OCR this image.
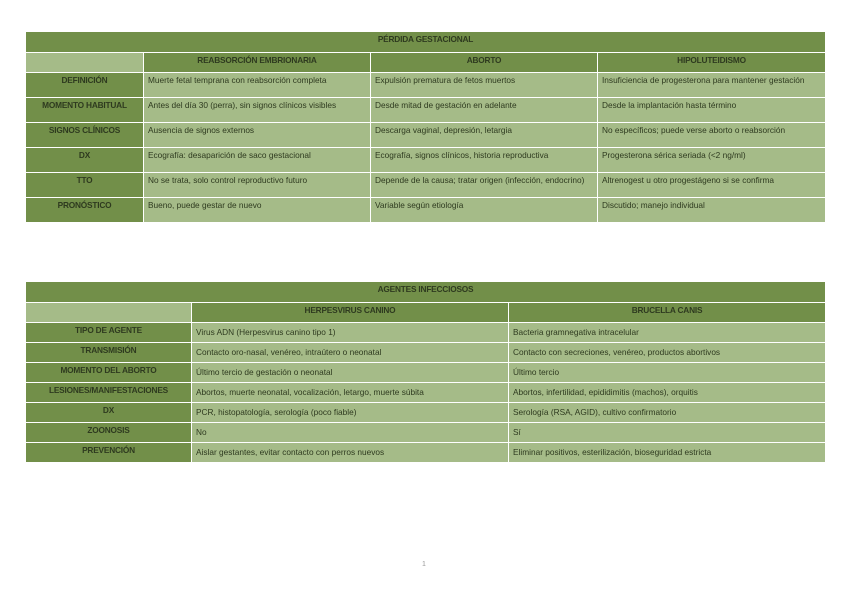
PÉRDIDA GESTACIONAL			
	REABSORCIÓN EMBRIONARIA	ABORTO	HIPOLUTEIDISMO
DEFINICIÓN	Muerte fetal temprana con reabsorción completa	Expulsión prematura de fetos muertos	Insuficiencia de progesterona para mantener gestación
MOMENTO HABITUAL	Antes del día 30 (perra), sin signos clínicos visibles	Desde mitad de gestación en adelante	Desde la implantación hasta término
SIGNOS CLÍNICOS	Ausencia de signos externos	Descarga vaginal, depresión, letargia	No específicos; puede verse aborto o reabsorción
DX	Ecografía: desaparición de saco gestacional	Ecografía, signos clínicos, historia reproductiva	Progesterona sérica seriada (<2 ng/ml)
TTO	No se trata, solo control reproductivo futuro	Depende de la causa; tratar origen (infección, endocrino)	Altrenogest u otro progestágeno si se confirma
PRONÓSTICO	Bueno, puede gestar de nuevo	Variable según etiología	Discutido; manejo individual
AGENTES INFECCIOSOS		
	HERPESVIRUS CANINO	BRUCELLA CANIS
TIPO DE AGENTE	Virus ADN (Herpesvirus canino tipo 1)	Bacteria gramnegativa intracelular
TRANSMISIÓN	Contacto oro-nasal, venéreo, intraútero o neonatal	Contacto con secreciones, venéreo, productos abortivos
MOMENTO DEL ABORTO	Último tercio de gestación o neonatal	Último tercio
LESIONES/MANIFESTACIONES	Abortos, muerte neonatal, vocalización, letargo, muerte súbita	Abortos, infertilidad, epididimitis (machos), orquitis
DX	PCR, histopatología, serología (poco fiable)	Serología (RSA, AGID), cultivo confirmatorio
ZOONOSIS	No	Sí
PREVENCIÓN	Aislar gestantes, evitar contacto con perros nuevos	Eliminar positivos, esterilización, bioseguridad estricta
1
